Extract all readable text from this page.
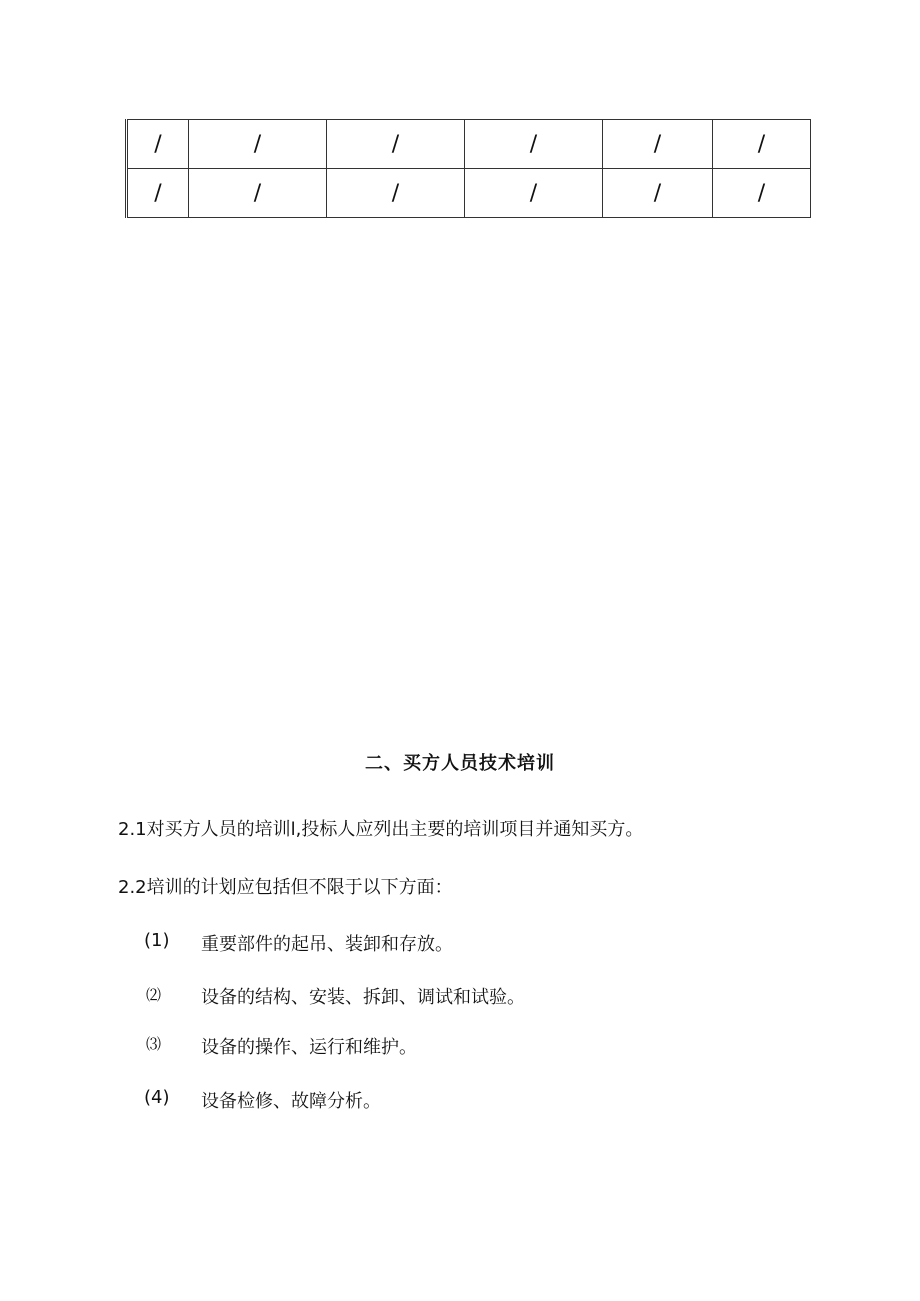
/	/	/	/	/	/
/	/	/	/	/	/
二、买方人员技术培训
2.1对买方人员的培训l,投标人应列出主要的培训项目并通知买方。
2.2培训的计划应包括但不限于以下方面：
(1) 重要部件的起吊、装卸和存放。
⑵ 设备的结构、安装、拆卸、调试和试验。
⑶ 设备的操作、运行和维护。
(4) 设备检修、故障分析。
